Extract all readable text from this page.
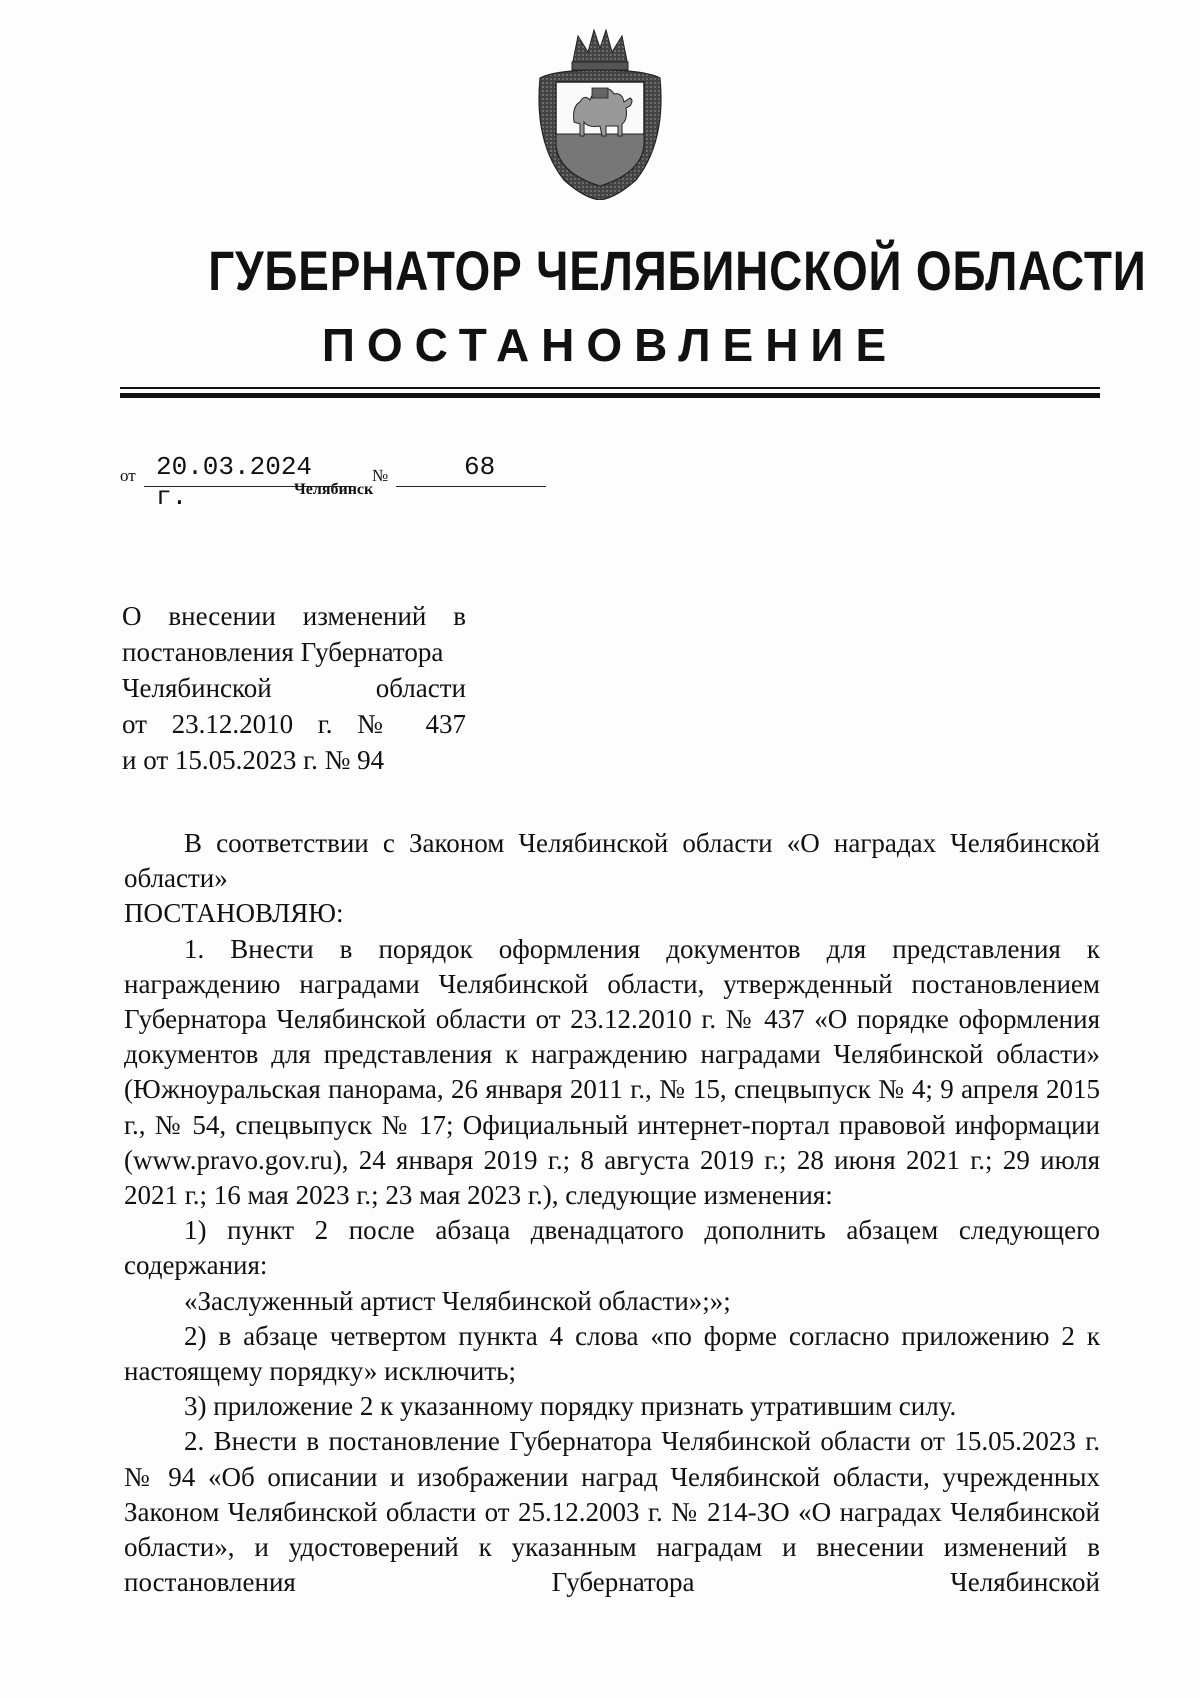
ГУБЕРНАТОР ЧЕЛЯБИНСКОЙ ОБЛАСТИ
ПОСТАНОВЛЕНИЕ
от 20.03.2024 г.
№	68
Челябинск
О внесении изменений в
постановления Губернатора
Челябинской области
от 23.12.2010 г. № 437
и от 15.05.2023 г. № 94

В соответствии с Законом Челябинской области «О наградах Челябинской области»

ПОСТАНОВЛЯЮ:

1. Внести в порядок оформления документов для представления к награждению наградами Челябинской области, утвержденный постановлением Губернатора Челябинской области от 23.12.2010 г. № 437 «О порядке оформления документов для представления к награждению наградами Челябинской области» (Южноуральская панорама, 26 января 2011 г., № 15, спецвыпуск № 4; 9 апреля 2015 г., № 54, спецвыпуск № 17; Официальный интернет-портал правовой информации (www.pravo.gov.ru), 24 января 2019 г.; 8 августа 2019 г.; 28 июня 2021 г.; 29 июля 2021 г.; 16 мая 2023 г.; 23 мая 2023 г.), следующие изменения:

1) пункт 2 после абзаца двенадцатого дополнить абзацем следующего содержания:

«Заслуженный артист Челябинской области»;»;

2) в абзаце четвертом пункта 4 слова «по форме согласно приложению 2 к настоящему порядку» исключить;

3) приложение 2 к указанному порядку признать утратившим силу.

2. Внести в постановление Губернатора Челябинской области от 15.05.2023 г. № 94 «Об описании и изображении наград Челябинской области, учрежденных Законом Челябинской области от 25.12.2003 г. № 214-ЗО «О наградах Челябинской области», и удостоверений к указанным наградам и внесении изменений в постановления Губернатора Челябинской
